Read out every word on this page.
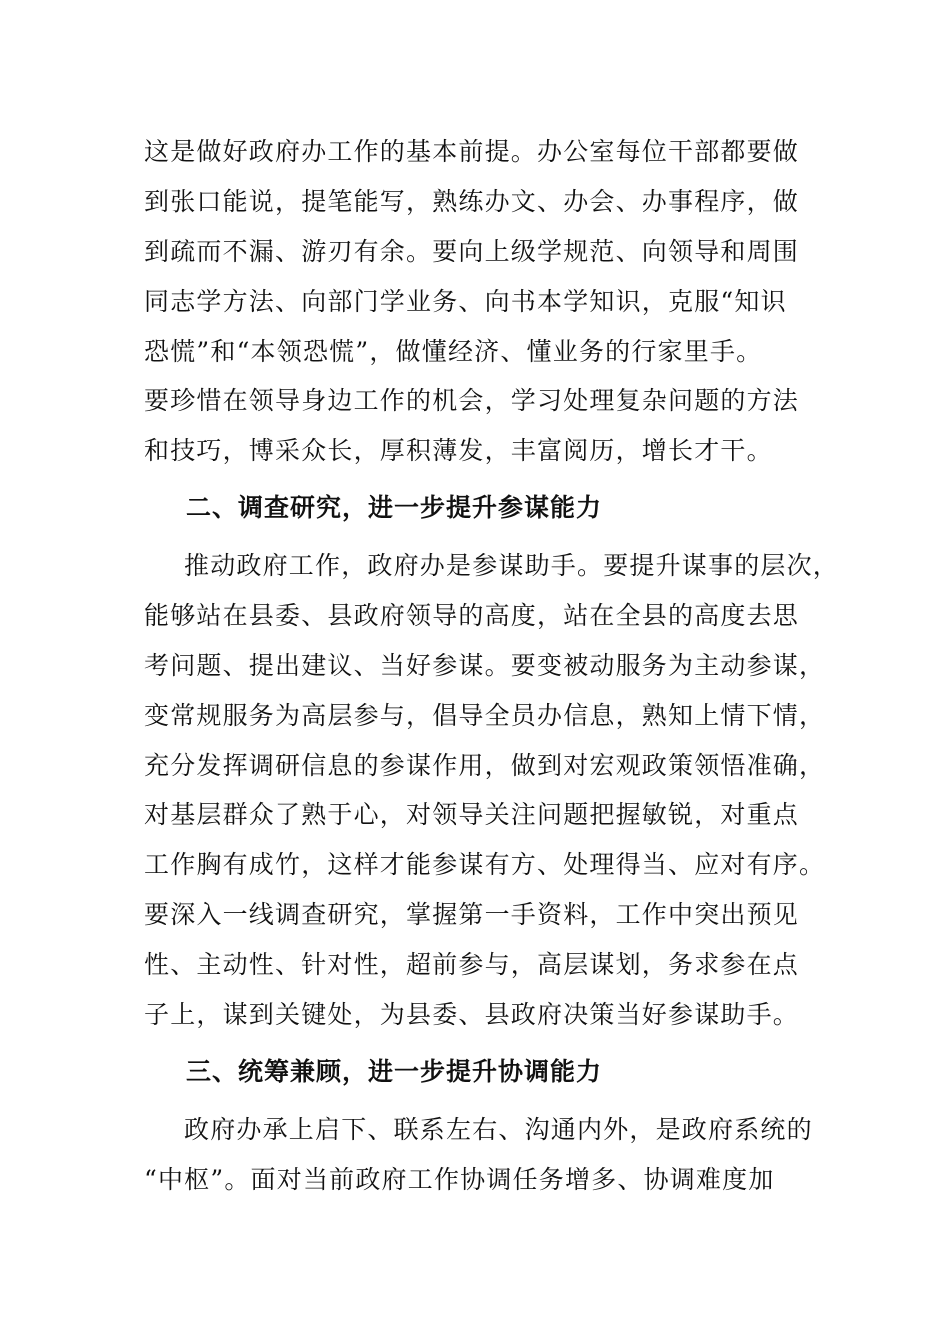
这是做好政府办工作的基本前提。办公室每位干部都要做
到张口能说，提笔能写，熟练办文、办会、办事程序，做
到疏而不漏、游刃有余。要向上级学规范、向领导和周围
同志学方法、向部门学业务、向书本学知识，克服“知识
恐慌”和“本领恐慌”，做懂经济、懂业务的行家里手。
要珍惜在领导身边工作的机会，学习处理复杂问题的方法
和技巧，博采众长，厚积薄发，丰富阅历，增长才干。
二、调查研究，进一步提升参谋能力
推动政府工作，政府办是参谋助手。要提升谋事的层次，
能够站在县委、县政府领导的高度，站在全县的高度去思
考问题、提出建议、当好参谋。要变被动服务为主动参谋，
变常规服务为高层参与，倡导全员办信息，熟知上情下情，
充分发挥调研信息的参谋作用，做到对宏观政策领悟准确，
对基层群众了熟于心，对领导关注问题把握敏锐，对重点
工作胸有成竹，这样才能参谋有方、处理得当、应对有序。
要深入一线调查研究，掌握第一手资料，工作中突出预见
性、主动性、针对性，超前参与，高层谋划，务求参在点
子上，谋到关键处，为县委、县政府决策当好参谋助手。
三、统筹兼顾，进一步提升协调能力
政府办承上启下、联系左右、沟通内外，是政府系统的
“中枢”。面对当前政府工作协调任务增多、协调难度加
